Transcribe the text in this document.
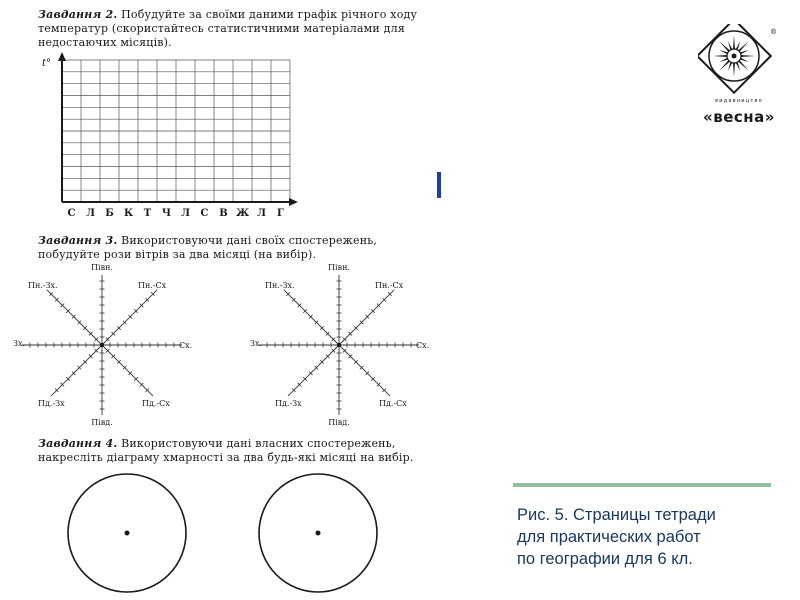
Завдання 2. Побудуйте за своїми даними графік річного ходу температур (скористайтесь статистичними матеріалами для недостаючих місяців).
t°
С Л Б К Т Ч Л С В Ж Л Г
Завдання 3. Використовуючи дані своїх спостережень, побудуйте рози вітрів за два місяці (на вибір).
Півн.
Півд.
Зх.	Сх.
Пн.-Зх.	Пн.-Сх
Пд.-Зх	Пд.-Сх
Півн.
Півд.
Зх.	Сх.
Пн.-Зх.	Пн.-Сх
Пд.-Зх	Пд.-Сх
Завдання 4. Використовуючи дані власних спостережень, накресліть діаграму хмарності за два будь-які місяці на вибір.
®
видавництво
«весна»
Рис. 5. Страницы тетради
для практических работ
по географии для 6 кл.
